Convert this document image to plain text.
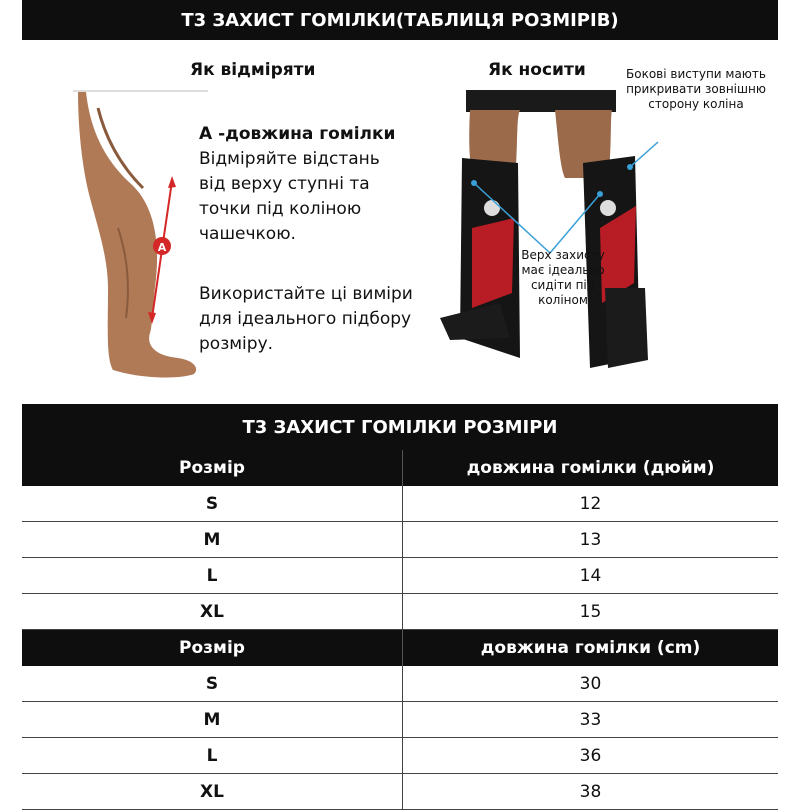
Т3 ЗАХИСТ ГОМІЛКИ(ТАБЛИЦЯ РОЗМІРІВ)
Як відміряти	Як носити
A

А -довжина гомілки

Відміряйте відстань

від верху ступні та

точки під коліною

чашечкою.

Використайте ці виміри

для ідеального підбору

розміру.

Бокові виступи мають прикривати зовнішню сторону коліна
Верх захисту має ідеально сидіти під коліном
Т3 ЗАХИСТ ГОМІЛКИ РОЗМІРИ
Розмір	довжина гомілки (дюйм)
S	12
M	13
L	14
XL	15
Розмір	довжина гомілки (cm)
S	30
M	33
L	36
XL	38
